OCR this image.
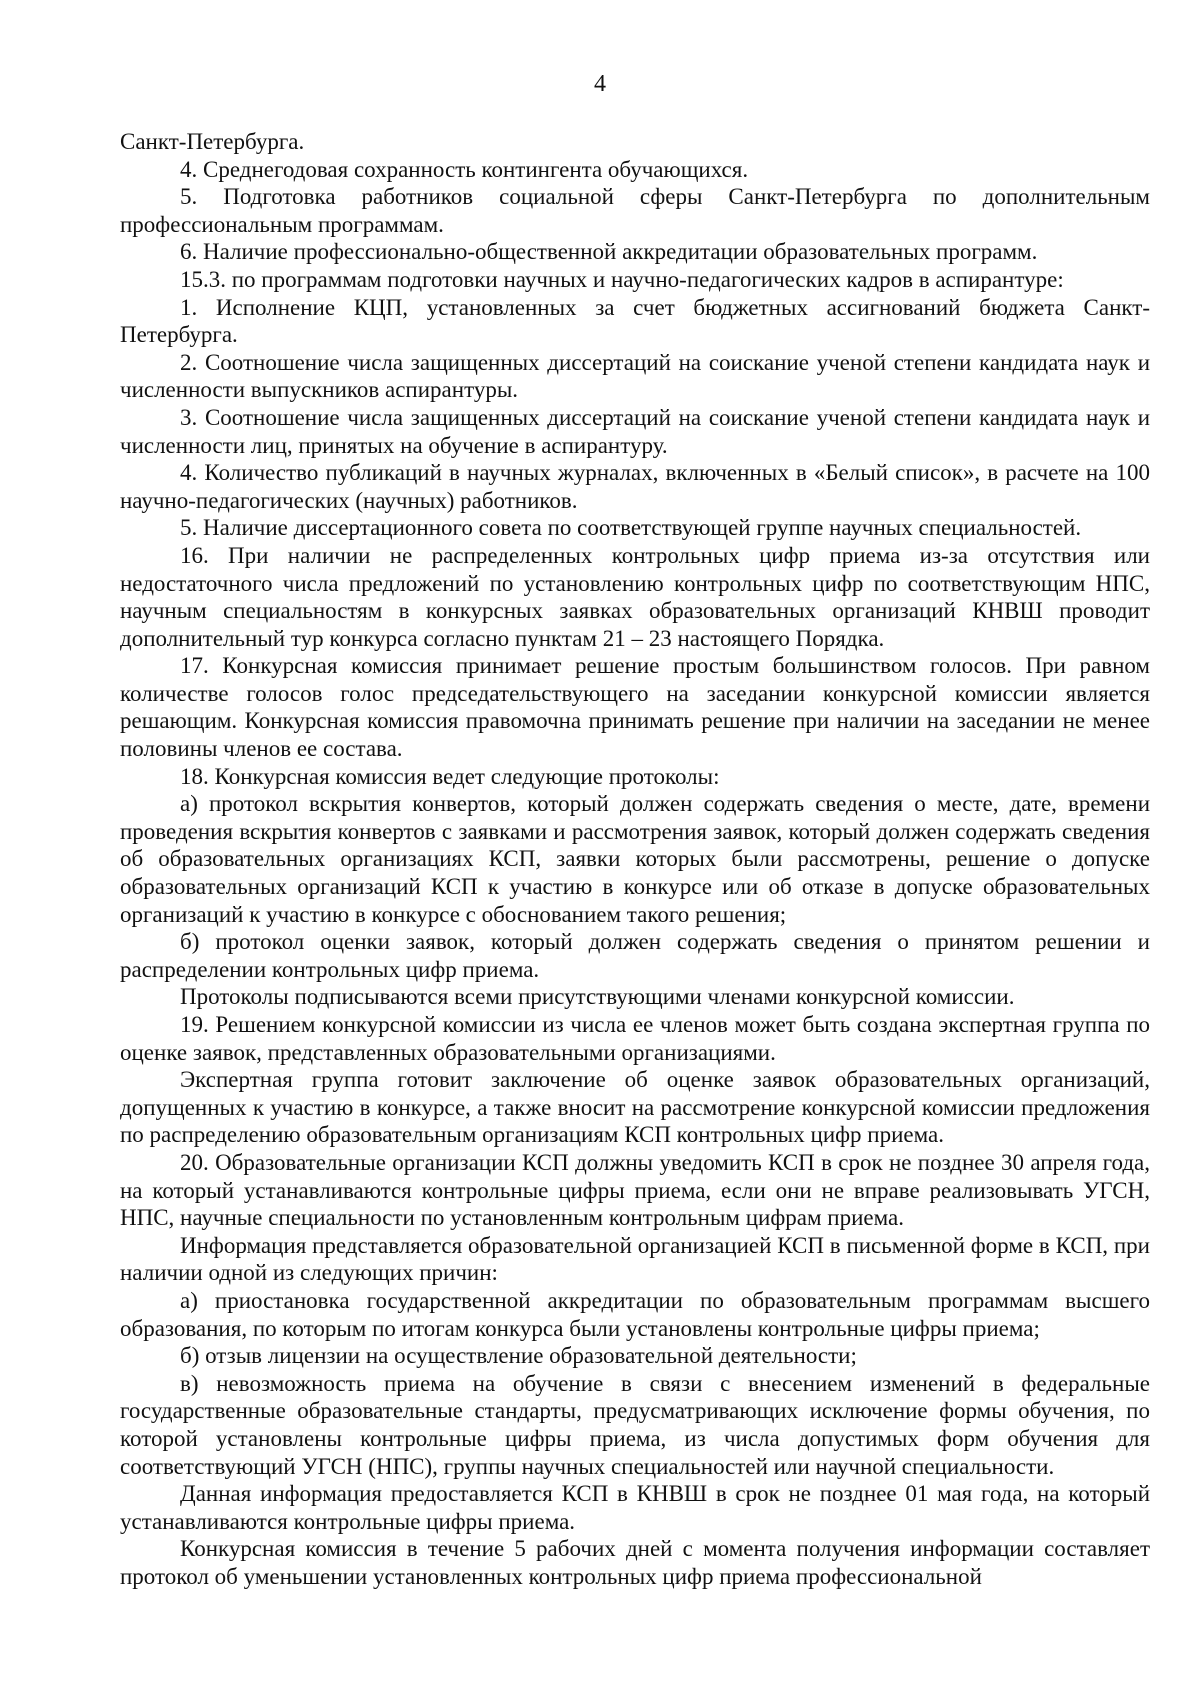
4

Санкт-Петербурга.

4. Среднегодовая сохранность контингента обучающихся.

5. Подготовка работников социальной сферы Санкт-Петербурга по дополнительным профессиональным программам.

6. Наличие профессионально-общественной аккредитации образовательных программ.

15.3. по программам подготовки научных и научно-педагогических кадров в аспирантуре:

1. Исполнение КЦП, установленных за счет бюджетных ассигнований бюджета Санкт-Петербурга.

2. Соотношение числа защищенных диссертаций на соискание ученой степени кандидата наук и численности выпускников аспирантуры.

3. Соотношение числа защищенных диссертаций на соискание ученой степени кандидата наук и численности лиц, принятых на обучение в аспирантуру.

4. Количество публикаций в научных журналах, включенных в «Белый список», в расчете на 100 научно-педагогических (научных) работников.

5. Наличие диссертационного совета по соответствующей группе научных специальностей.

16. При наличии не распределенных контрольных цифр приема из-за отсутствия или недостаточного числа предложений по установлению контрольных цифр по соответствующим НПС, научным специальностям в конкурсных заявках образовательных организаций КНВШ проводит дополнительный тур конкурса согласно пунктам 21 – 23 настоящего Порядка.

17. Конкурсная комиссия принимает решение простым большинством голосов. При равном количестве голосов голос председательствующего на заседании конкурсной комиссии является решающим. Конкурсная комиссия правомочна принимать решение при наличии на заседании не менее половины членов ее состава.

18. Конкурсная комиссия ведет следующие протоколы:

а) протокол вскрытия конвертов, который должен содержать сведения о месте, дате, времени проведения вскрытия конвертов с заявками и рассмотрения заявок, который должен содержать сведения об образовательных организациях КСП, заявки которых были рассмотрены, решение о допуске образовательных организаций КСП к участию в конкурсе или об отказе в допуске образовательных организаций к участию в конкурсе с обоснованием такого решения;

б) протокол оценки заявок, который должен содержать сведения о принятом решении и распределении контрольных цифр приема.

Протоколы подписываются всеми присутствующими членами конкурсной комиссии.

19. Решением конкурсной комиссии из числа ее членов может быть создана экспертная группа по оценке заявок, представленных образовательными организациями.

Экспертная группа готовит заключение об оценке заявок образовательных организаций, допущенных к участию в конкурсе, а также вносит на рассмотрение конкурсной комиссии предложения по распределению образовательным организациям КСП контрольных цифр приема.

20. Образовательные организации КСП должны уведомить КСП в срок не позднее 30 апреля года, на который устанавливаются контрольные цифры приема, если они не вправе реализовывать УГСН, НПС, научные специальности по установленным контрольным цифрам приема.

Информация представляется образовательной организацией КСП в письменной форме в КСП, при наличии одной из следующих причин:

а) приостановка государственной аккредитации по образовательным программам высшего образования, по которым по итогам конкурса были установлены контрольные цифры приема;

б) отзыв лицензии на осуществление образовательной деятельности;

в) невозможность приема на обучение в связи с внесением изменений в федеральные государственные образовательные стандарты, предусматривающих исключение формы обучения, по которой установлены контрольные цифры приема, из числа допустимых форм обучения для соответствующий УГСН (НПС), группы научных специальностей или научной специальности.

Данная информация предоставляется КСП в КНВШ в срок не позднее 01 мая года, на который устанавливаются контрольные цифры приема.

Конкурсная комиссия в течение 5 рабочих дней с момента получения информации составляет протокол об уменьшении установленных контрольных цифр приема профессиональной
